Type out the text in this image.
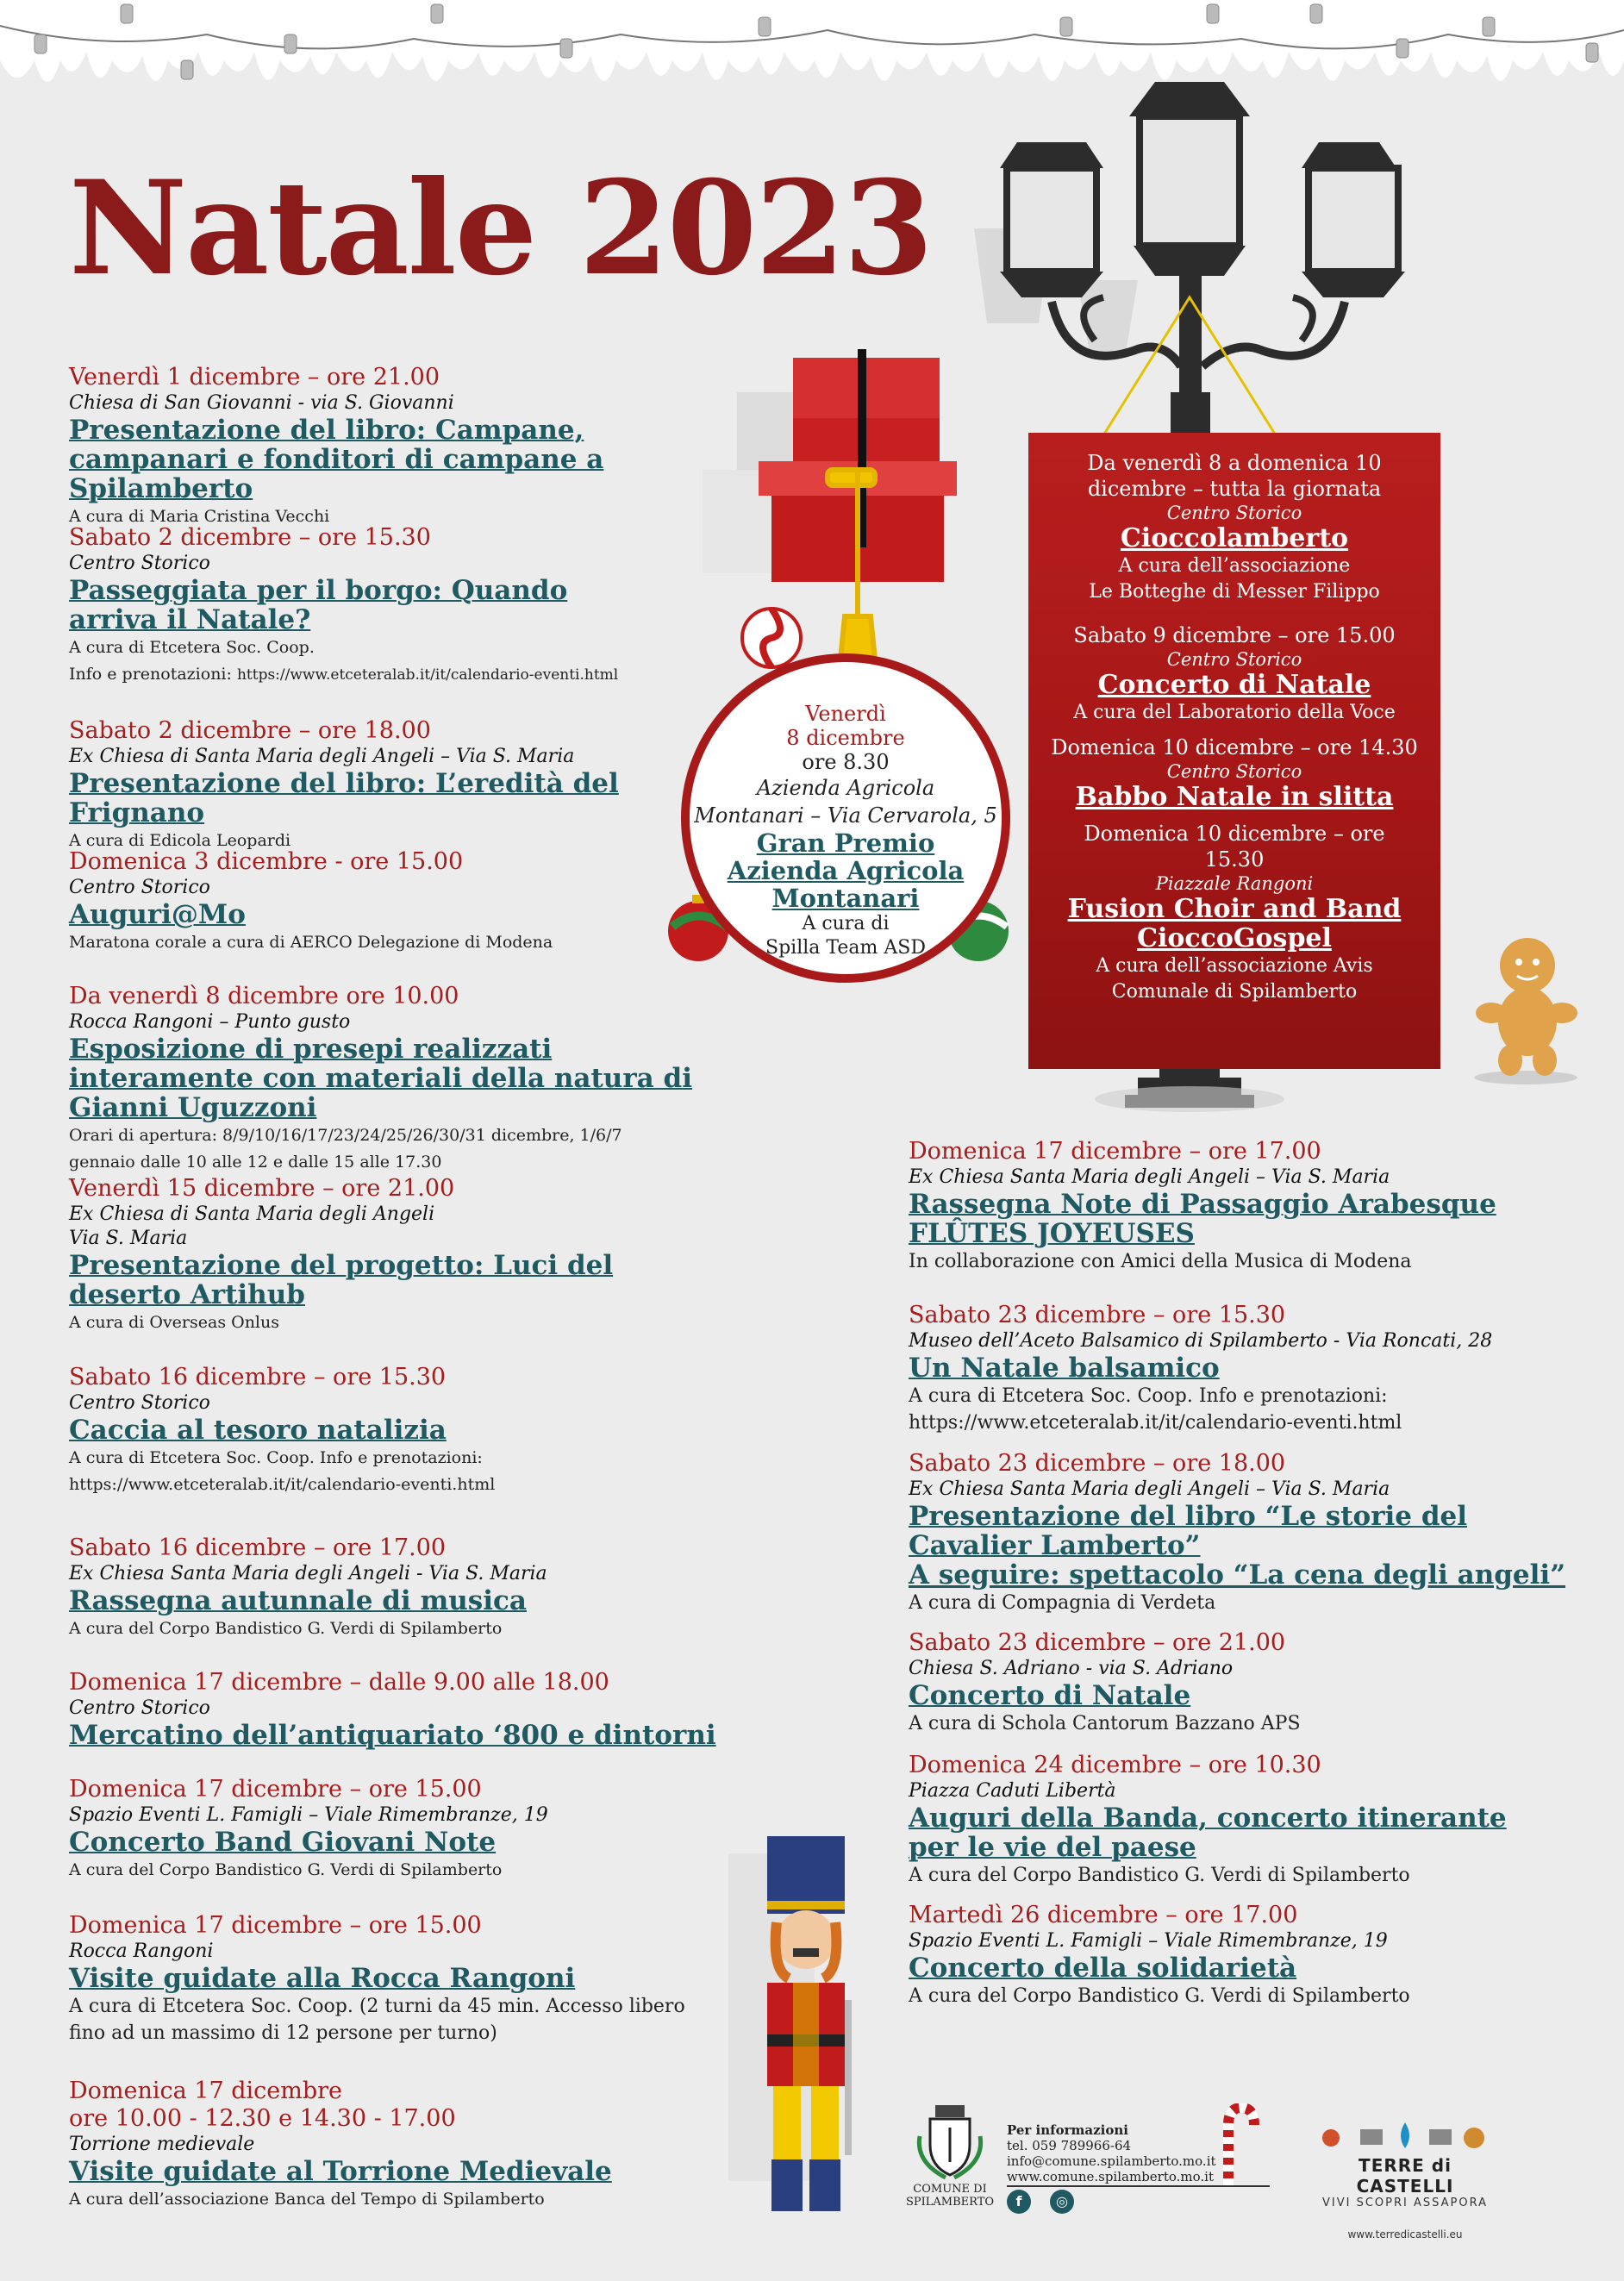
Natale 2023
Venerdì 1 dicembre – ore 21.00
Chiesa di San Giovanni - via S. Giovanni
Presentazione del libro: Campane, campanari e fonditori di campane a Spilamberto
A cura di Maria Cristina Vecchi
Sabato 2 dicembre – ore 15.30
Centro Storico
Passeggiata per il borgo: Quando arriva il Natale?
A cura di Etcetera Soc. Coop.
Info e prenotazioni: https://www.etceteralab.it/it/calendario-eventi.html
Sabato 2 dicembre – ore 18.00
Ex Chiesa di Santa Maria degli Angeli – Via S. Maria
Presentazione del libro: L’eredità del Frignano
A cura di Edicola Leopardi
Domenica 3 dicembre - ore 15.00
Centro Storico
Auguri@Mo
Maratona corale a cura di AERCO Delegazione di Modena
Da venerdì 8 dicembre ore 10.00
Rocca Rangoni – Punto gusto
Esposizione di presepi realizzati interamente con materiali della natura di Gianni Uguzzoni
Orari di apertura: 8/9/10/16/17/23/24/25/26/30/31 dicembre, 1/6/7 gennaio dalle 10 alle 12 e dalle 15 alle 17.30
Venerdì 15 dicembre – ore 21.00
Ex Chiesa di Santa Maria degli Angeli
Via S. Maria
Presentazione del progetto: Luci del deserto Artihub
A cura di Overseas Onlus
Sabato 16 dicembre – ore 15.30
Centro Storico
Caccia al tesoro natalizia
A cura di Etcetera Soc. Coop. Info e prenotazioni:
https://www.etceteralab.it/it/calendario-eventi.html
Sabato 16 dicembre – ore 17.00
Ex Chiesa Santa Maria degli Angeli - Via S. Maria
Rassegna autunnale di musica
A cura del Corpo Bandistico G. Verdi di Spilamberto
Domenica 17 dicembre – dalle 9.00 alle 18.00
Centro Storico
Mercatino dell’antiquariato ‘800 e dintorni
Domenica 17 dicembre – ore 15.00
Spazio Eventi L. Famigli – Viale Rimembranze, 19
Concerto Band Giovani Note
A cura del Corpo Bandistico G. Verdi di Spilamberto
Domenica 17 dicembre – ore 15.00
Rocca Rangoni
Visite guidate alla Rocca Rangoni
A cura di Etcetera Soc. Coop. (2 turni da 45 min. Accesso libero fino ad un massimo di 12 persone per turno)
Domenica 17 dicembre
ore 10.00 - 12.30 e 14.30 - 17.00
Torrione medievale
Visite guidate al Torrione Medievale
A cura dell’associazione Banca del Tempo di Spilamberto
Venerdì
8 dicembre
ore 8.30
Azienda Agricola
Montanari – Via Cervarola, 5
Gran Premio Azienda Agricola Montanari
A cura di
Spilla Team ASD
Da venerdì 8 a domenica 10 dicembre – tutta la giornata
Centro Storico
Cioccolamberto
A cura dell’associazione
Le Botteghe di Messer Filippo
Sabato 9 dicembre – ore 15.00
Centro Storico
Concerto di Natale
A cura del Laboratorio della Voce
Domenica 10 dicembre – ore 14.30
Centro Storico
Babbo Natale in slitta
Domenica 10 dicembre – ore 15.30
Piazzale Rangoni
Fusion Choir and Band CioccoGospel
A cura dell’associazione Avis
Comunale di Spilamberto
Domenica 17 dicembre – ore 17.00
Ex Chiesa Santa Maria degli Angeli – Via S. Maria
Rassegna Note di Passaggio Arabesque FLÛTES JOYEUSES
In collaborazione con Amici della Musica di Modena
Sabato 23 dicembre – ore 15.30
Museo dell’Aceto Balsamico di Spilamberto - Via Roncati, 28
Un Natale balsamico
A cura di Etcetera Soc. Coop. Info e prenotazioni:
https://www.etceteralab.it/it/calendario-eventi.html
Sabato 23 dicembre – ore 18.00
Ex Chiesa Santa Maria degli Angeli – Via S. Maria
Presentazione del libro “Le storie del Cavalier Lamberto”
A seguire: spettacolo “La cena degli angeli”
A cura di Compagnia di Verdeta
Sabato 23 dicembre – ore 21.00
Chiesa S. Adriano - via S. Adriano
Concerto di Natale
A cura di Schola Cantorum Bazzano APS
Domenica 24 dicembre – ore 10.30
Piazza Caduti Libertà
Auguri della Banda, concerto itinerante per le vie del paese
A cura del Corpo Bandistico G. Verdi di Spilamberto
Martedì 26 dicembre – ore 17.00
Spazio Eventi L. Famigli – Viale Rimembranze, 19
Concerto della solidarietà
A cura del Corpo Bandistico G. Verdi di Spilamberto
COMUNE DI
SPILAMBERTO
Per informazioni
tel. 059 789966-64
info@comune.spilamberto.mo.it
www.comune.spilamberto.mo.it
f	◎
TERRE di CASTELLI
VIVI SCOPRI ASSAPORA
www.terredicastelli.eu
